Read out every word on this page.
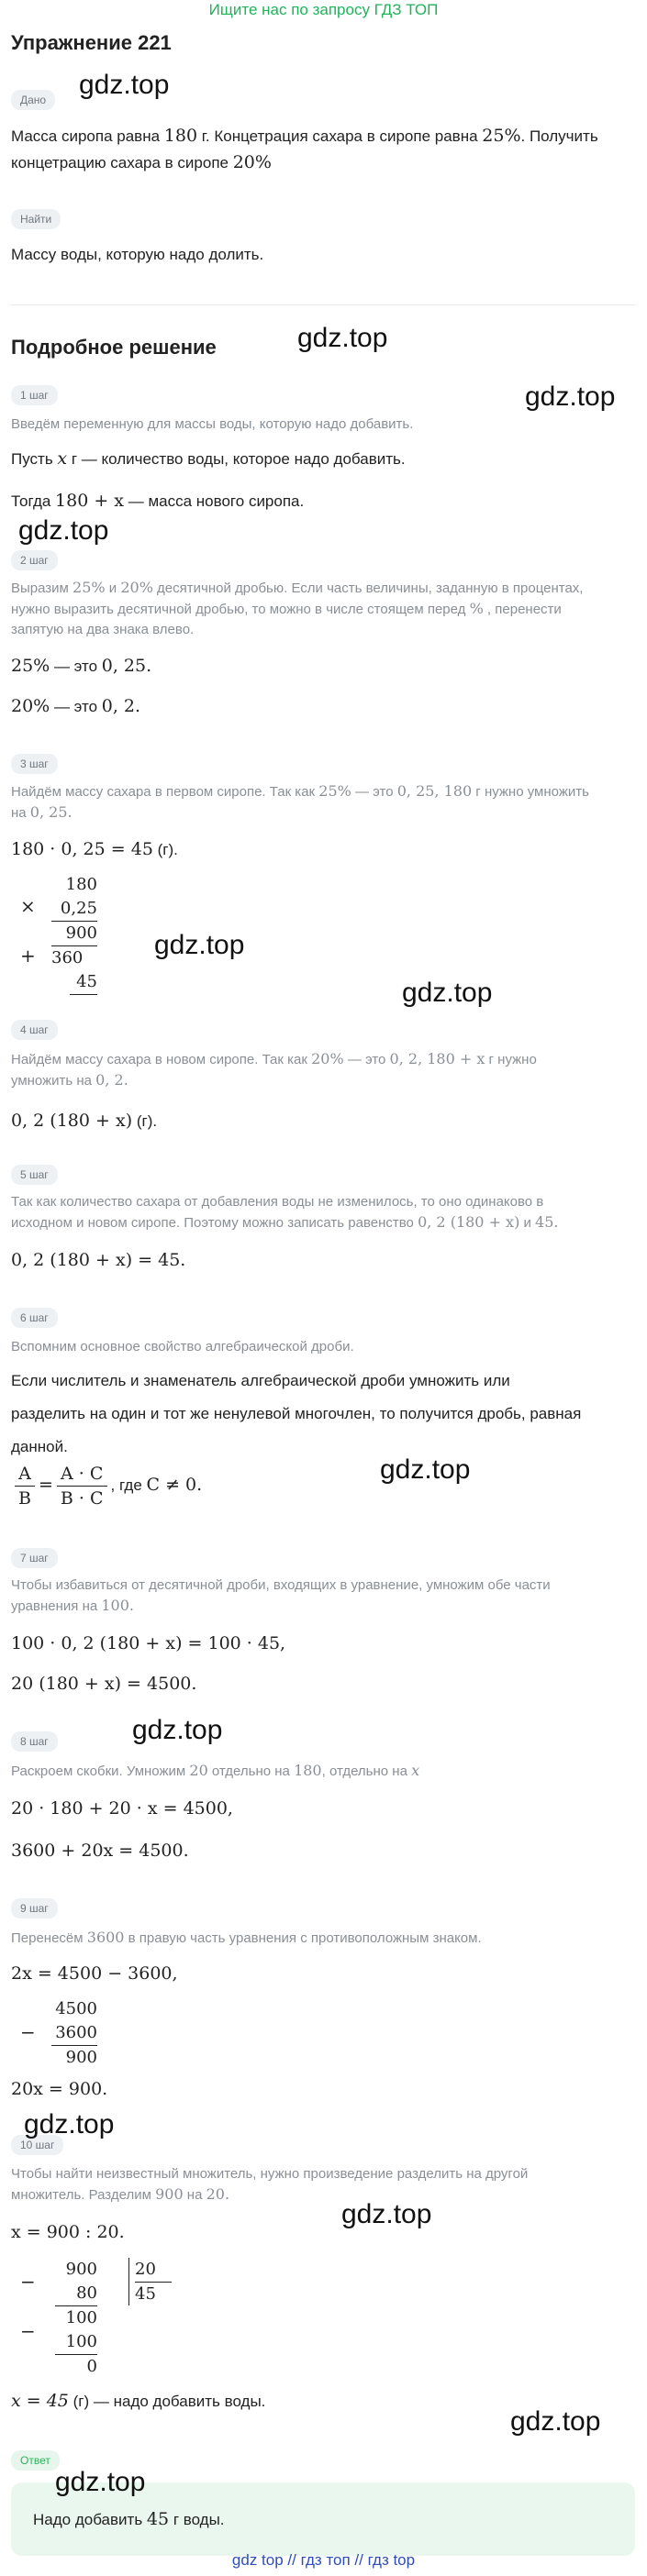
Ищите нас по запросу ГДЗ ТОП
Упражнение 221
Дано
Масса сиропа равна 180 г. Концетрация сахара в сиропе равна 25%. Получить
концетрацию сахара в сиропе 20%
Найти
Массу воды, которую надо долить.
Подробное решение
1 шаг
Введём переменную для массы воды, которую надо добавить.
Пусть x г — количество воды, которое надо добавить.
Тогда 180 + x — масса нового сиропа.
2 шаг
Выразим 25% и 20% десятичной дробью. Если часть величины, заданную в процентах,
нужно выразить десятичной дробью, то можно в числе стоящем перед % , перенести
запятую на два знака влево.
25% — это 0, 25.
20% — это 0, 2.
3 шаг
Найдём массу сахара в первом сиропе. Так как 25% — это 0, 25, 180 г нужно умножить
на 0, 25.
180 · 0, 25 = 45 (г).
×
+
180
0,25
900
360
45
4 шаг
Найдём массу сахара в новом сиропе. Так как 20% — это 0, 2, 180 + x г нужно
умножить на 0, 2.
0, 2 (180 + x) (г).
5 шаг
Так как количество сахара от добавления воды не изменилось, то оно одинаково в
исходном и новом сиропе. Поэтому можно записать равенство 0, 2 (180 + x) и 45.
0, 2 (180 + x) = 45.
6 шаг
Вспомним основное свойство алгебраической дроби.
Если числитель и знаменатель алгебраической дроби умножить или
разделить на один и тот же ненулевой многочлен, то получится дробь, равная
данной.
$\frac{A}{B} = \frac{A \cdot C}{B \cdot C}$ , где C ≠ 0.
7 шаг
Чтобы избавиться от десятичной дроби, входящих в уравнение, умножим обе части
уравнения на 100.
100 · 0, 2 (180 + x) = 100 · 45,
20 (180 + x) = 4500.
8 шаг
Раскроем скобки. Умножим 20 отдельно на 180, отдельно на x
20 · 180 + 20 · x = 4500,
3600 + 20x = 4500.
9 шаг
Перенесём 3600 в правую часть уравнения с противоположным знаком.
2x = 4500 − 3600,
−
4500
3600
900
20x = 900.
10 шаг
Чтобы найти неизвестный множитель, нужно произведение разделить на другой
множитель. Разделим 900 на 20.
x = 900 : 20.
−
−
900
80
100
100
0
20
45
x = 45 (г) — надо добавить воды.
Ответ
Надо добавить 45 г воды.
gdz top // гдз топ // гдз top
gdz.top
gdz.top
gdz.top
gdz.top
gdz.top
gdz.top
gdz.top
gdz.top
gdz.top
gdz.top
gdz.top
gdz.top
